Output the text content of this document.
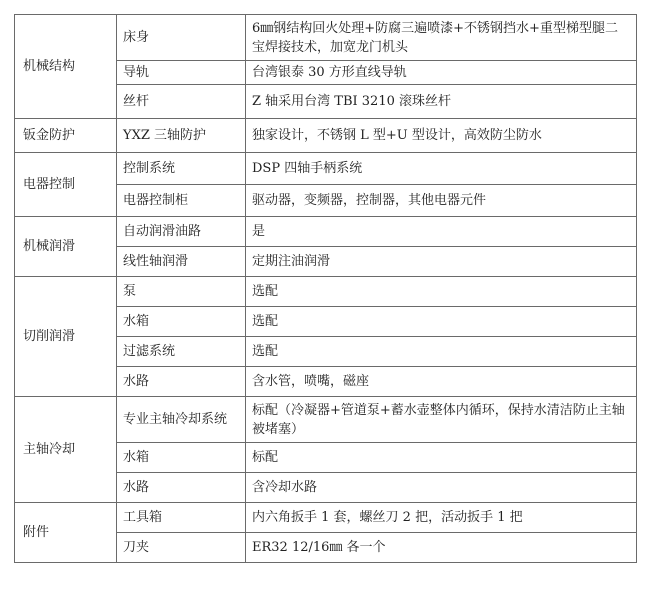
机械结构	床身	6㎜钢结构回火处理+防腐三遍喷漆+不锈钢挡水+重型梯型腿二宝焊接技术，加宽龙门机头
	导轨	台湾银泰 30 方形直线导轨
	丝杆	Z 轴采用台湾 TBI 3210 滚珠丝杆
钣金防护	YXZ 三轴防护	独家设计，不锈钢 L 型+U 型设计，高效防尘防水
电器控制	控制系统	DSP 四轴手柄系统
	电器控制柜	驱动器，变频器，控制器，其他电器元件
机械润滑	自动润滑油路	是
	线性轴润滑	定期注油润滑
切削润滑	泵	选配
	水箱	选配
	过滤系统	选配
	水路	含水管，喷嘴，磁座
主轴冷却	专业主轴冷却系统	标配（冷凝器+管道泵+蓄水壶整体内循环，保持水清洁防止主轴被堵塞）
	水箱	标配
	水路	含冷却水路
附件	工具箱	内六角扳手 1 套，螺丝刀 2 把，活动扳手 1 把
	刀夹	ER32 12/16㎜ 各一个
